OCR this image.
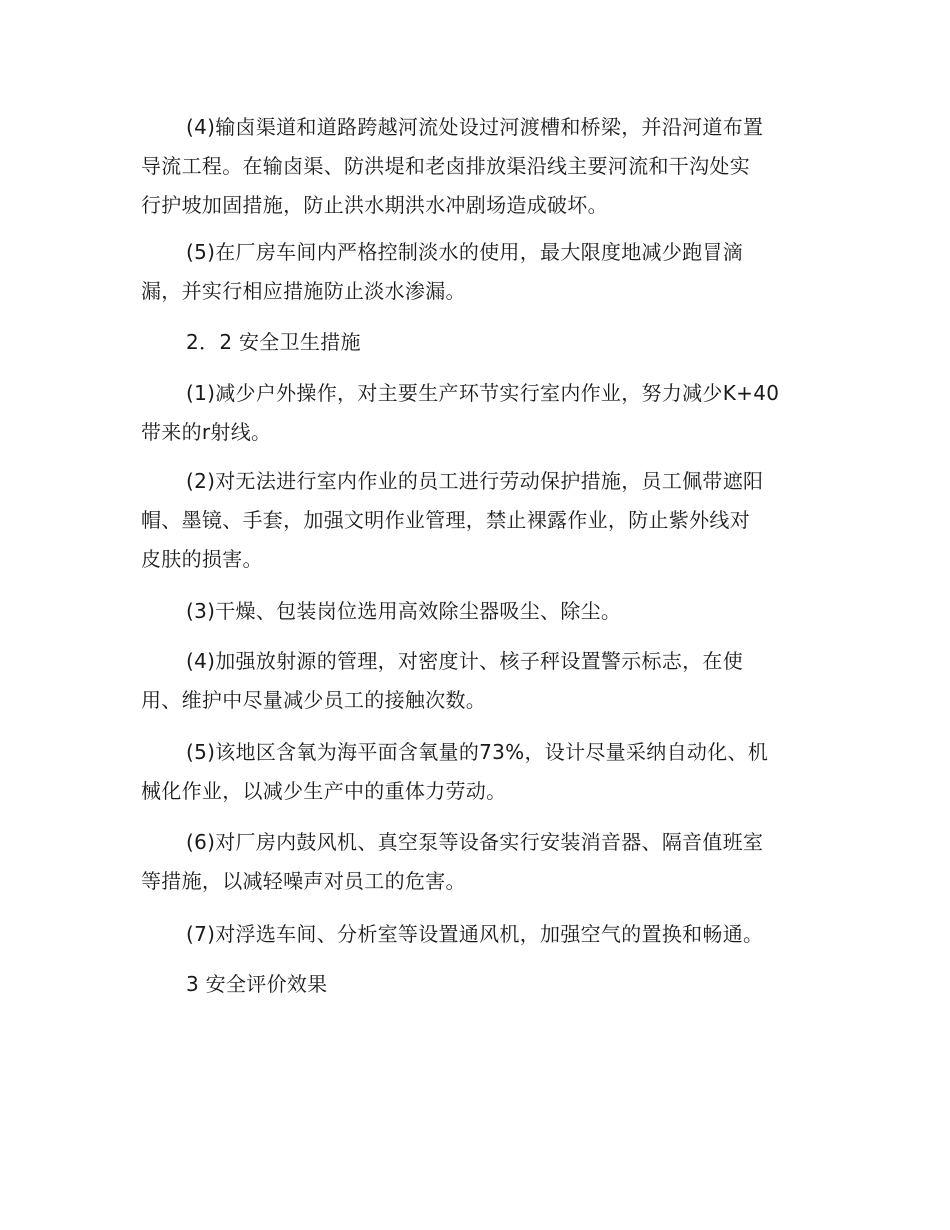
(4)输卤渠道和道路跨越河流处设过河渡槽和桥梁，并沿河道布置
导流工程。在输卤渠、防洪堤和老卤排放渠沿线主要河流和干沟处实
行护坡加固措施，防止洪水期洪水冲剧场造成破坏。
(5)在厂房车间内严格控制淡水的使用，最大限度地减少跑冒滴
漏，并实行相应措施防止淡水渗漏。
2．2 安全卫生措施
(1)减少户外操作，对主要生产环节实行室内作业，努力减少K+40
带来的r射线。
(2)对无法进行室内作业的员工进行劳动保护措施，员工佩带遮阳
帽、墨镜、手套，加强文明作业管理，禁止裸露作业，防止紫外线对
皮肤的损害。
(3)干燥、包装岗位选用高效除尘器吸尘、除尘。
(4)加强放射源的管理，对密度计、核子秤设置警示标志，在使
用、维护中尽量减少员工的接触次数。
(5)该地区含氧为海平面含氧量的73%，设计尽量采纳自动化、机
械化作业，以减少生产中的重体力劳动。
(6)对厂房内鼓风机、真空泵等设备实行安装消音器、隔音值班室
等措施，以减轻噪声对员工的危害。
(7)对浮选车间、分析室等设置通风机，加强空气的置换和畅通。
3 安全评价效果
